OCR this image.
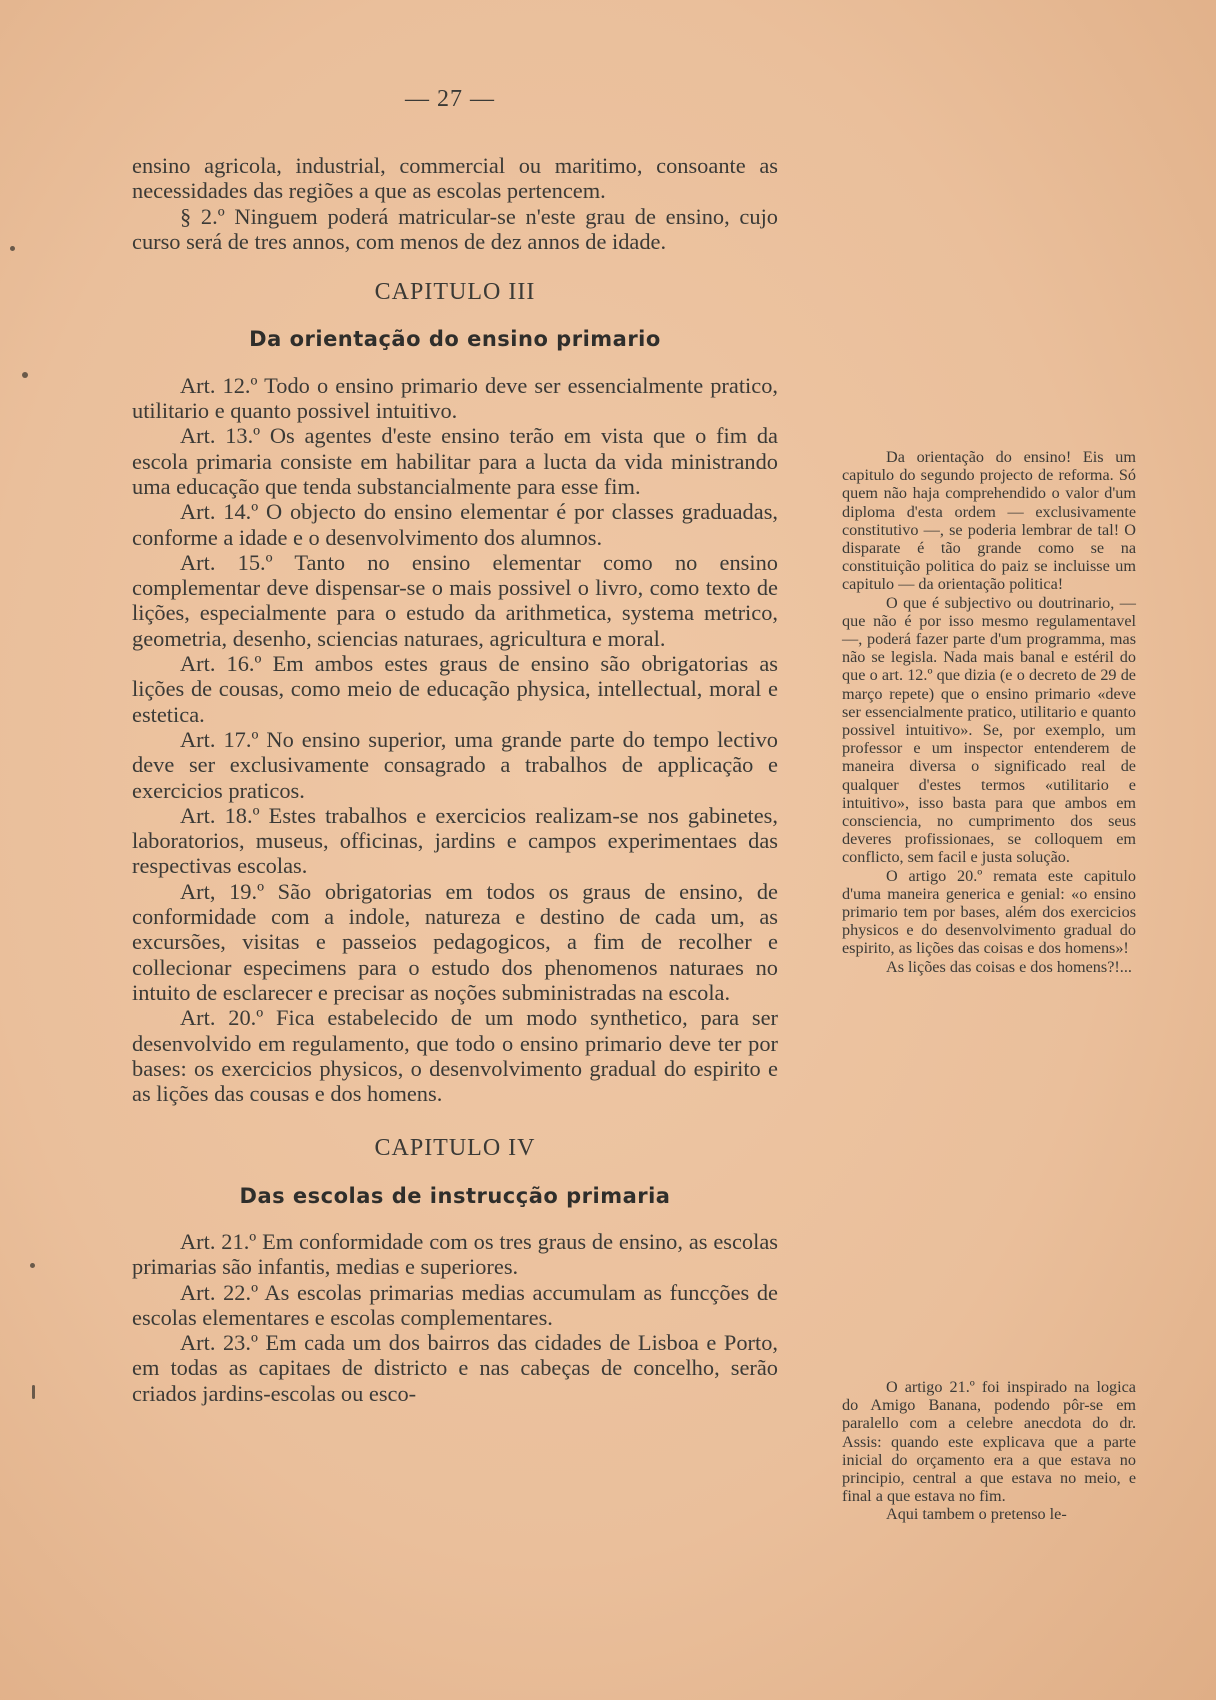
— 27 —

ensino agricola, industrial, commercial ou maritimo, consoante as necessidades das regiões a que as escolas pertencem.

§ 2.º Ninguem poderá matricular-se n'este grau de ensino, cujo curso será de tres annos, com menos de dez annos de idade.

CAPITULO III

Da orientação do ensino primario

Art. 12.º Todo o ensino primario deve ser essencialmente pratico, utilitario e quanto possivel intuitivo.

Art. 13.º Os agentes d'este ensino terão em vista que o fim da escola primaria consiste em habilitar para a lucta da vida ministrando uma educação que tenda substancialmente para esse fim.

Art. 14.º O objecto do ensino elementar é por classes graduadas, conforme a idade e o desenvolvimento dos alumnos.

Art. 15.º Tanto no ensino elementar como no ensino complementar deve dispensar-se o mais possivel o livro, como texto de lições, especialmente para o estudo da arithmetica, systema metrico, geometria, desenho, sciencias naturaes, agricultura e moral.

Art. 16.º Em ambos estes graus de ensino são obrigatorias as lições de cousas, como meio de educação physica, intellectual, moral e estetica.

Art. 17.º No ensino superior, uma grande parte do tempo lectivo deve ser exclusivamente consagrado a trabalhos de applicação e exercicios praticos.

Art. 18.º Estes trabalhos e exercicios realizam-se nos gabinetes, laboratorios, museus, officinas, jardins e campos experimentaes das respectivas escolas.

Art, 19.º São obrigatorias em todos os graus de ensino, de conformidade com a indole, natureza e destino de cada um, as excursões, visitas e passeios pedagogicos, a fim de recolher e collecionar especimens para o estudo dos phenomenos naturaes no intuito de esclarecer e precisar as noções subministradas na escola.

Art. 20.º Fica estabelecido de um modo synthetico, para ser desenvolvido em regulamento, que todo o ensino primario deve ter por bases: os exercicios physicos, o desenvolvimento gradual do espirito e as lições das cousas e dos homens.

CAPITULO IV

Das escolas de instrucção primaria

Art. 21.º Em conformidade com os tres graus de ensino, as escolas primarias são infantis, medias e superiores.

Art. 22.º As escolas primarias medias accumulam as funcções de escolas elementares e escolas complementares.

Art. 23.º Em cada um dos bairros das cidades de Lisboa e Porto, em todas as capitaes de districto e nas cabeças de concelho, serão criados jardins-escolas ou esco-

Da orientação do ensino! Eis um capitulo do segundo projecto de reforma. Só quem não haja comprehendido o valor d'um diploma d'esta ordem — exclusivamente constitutivo —, se poderia lembrar de tal! O disparate é tão grande como se na constituição politica do paiz se incluisse um capitulo — da orientação politica!

O que é subjectivo ou doutrinario, — que não é por isso mesmo regulamentavel —, poderá fazer parte d'um programma, mas não se legisla. Nada mais banal e estéril do que o art. 12.º que dizia (e o decreto de 29 de março repete) que o ensino primario «deve ser essencialmente pratico, utilitario e quanto possivel intuitivo». Se, por exemplo, um professor e um inspector entenderem de maneira diversa o significado real de qualquer d'estes termos «utilitario e intuitivo», isso basta para que ambos em consciencia, no cumprimento dos seus deveres profissionaes, se colloquem em conflicto, sem facil e justa solução.

O artigo 20.º remata este capitulo d'uma maneira generica e genial: «o ensino primario tem por bases, além dos exercicios physicos e do desenvolvimento gradual do espirito, as lições das coisas e dos homens»!

As lições das coisas e dos homens?!...

O artigo 21.º foi inspirado na logica do Amigo Banana, podendo pôr-se em paralello com a celebre anecdota do dr. Assis: quando este explicava que a parte inicial do orçamento era a que estava no principio, central a que estava no meio, e final a que estava no fim.

Aqui tambem o pretenso le-
